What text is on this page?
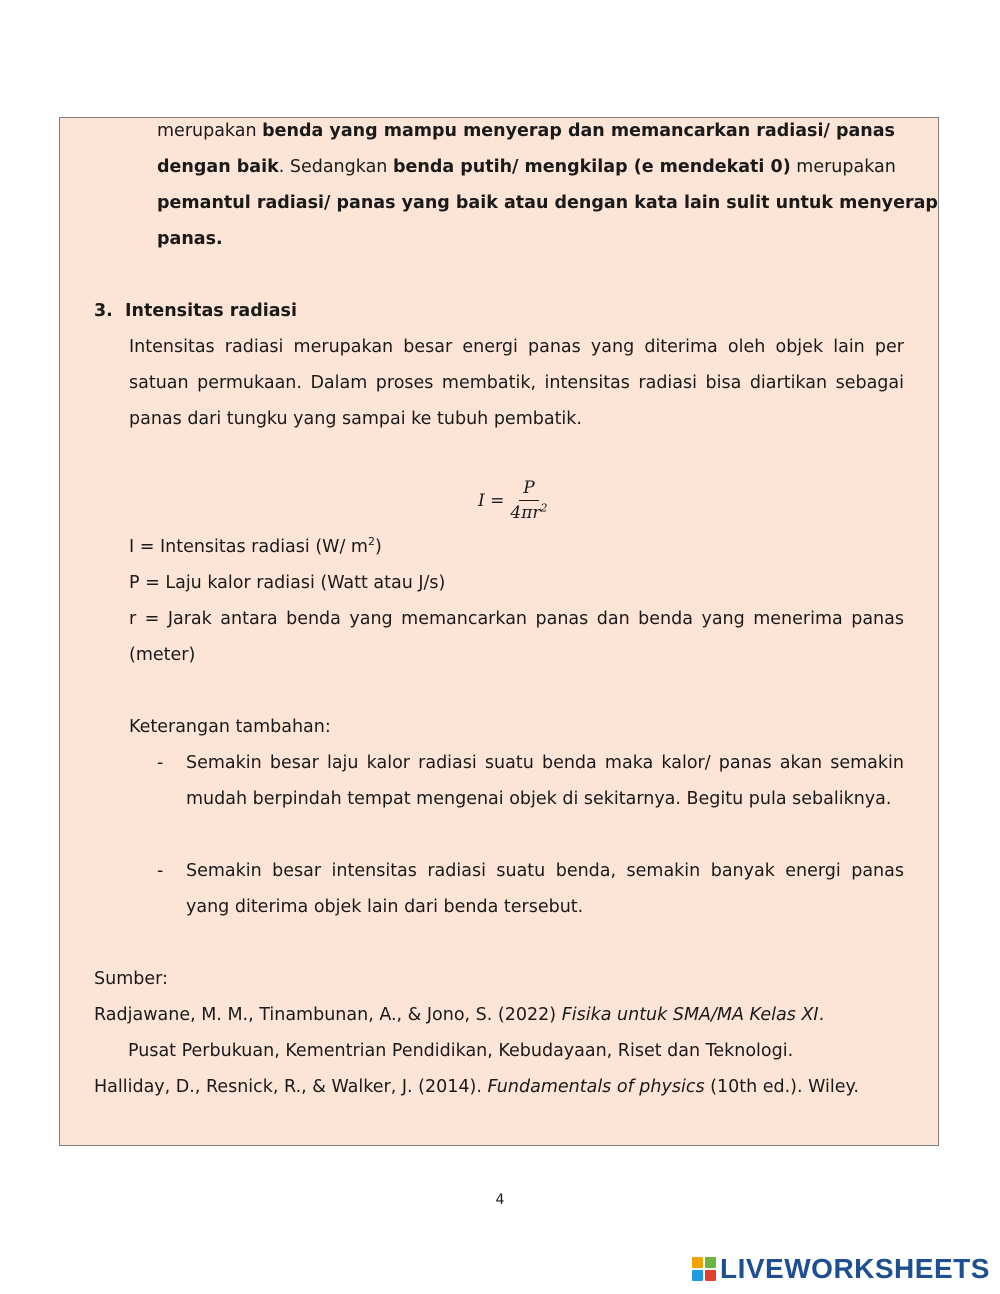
merupakan benda yang mampu menyerap dan memancarkan radiasi/ panas

dengan baik. Sedangkan benda putih/ mengkilap (e mendekati 0) merupakan

pemantul radiasi/ panas yang baik atau dengan kata lain sulit untuk menyerap

panas.

3.  Intensitas radiasi

Intensitas radiasi merupakan besar energi panas yang diterima oleh objek lain per satuan permukaan. Dalam proses membatik, intensitas radiasi bisa diartikan sebagai panas dari tungku yang sampai ke tubuh pembatik.

$I = \frac{P}{4\pi r^2}$

I = Intensitas radiasi (W/ $m^2$)

P = Laju kalor radiasi (Watt atau J/s)

r = Jarak antara benda yang memancarkan panas dan benda yang menerima panas (meter)

Keterangan tambahan:

- Semakin besar laju kalor radiasi suatu benda maka kalor/ panas akan semakin mudah berpindah tempat mengenai objek di sekitarnya. Begitu pula sebaliknya.

- Semakin besar intensitas radiasi suatu benda, semakin banyak energi panas yang diterima objek lain dari benda tersebut.

Sumber:

Radjawane, M. M., Tinambunan, A., & Jono, S. (2022) Fisika untuk SMA/MA Kelas XI.

Pusat Perbukuan, Kementrian Pendidikan, Kebudayaan, Riset dan Teknologi.

Halliday, D., Resnick, R., & Walker, J. (2014). Fundamentals of physics (10th ed.). Wiley.

4
LIVEWORKSHEETS
